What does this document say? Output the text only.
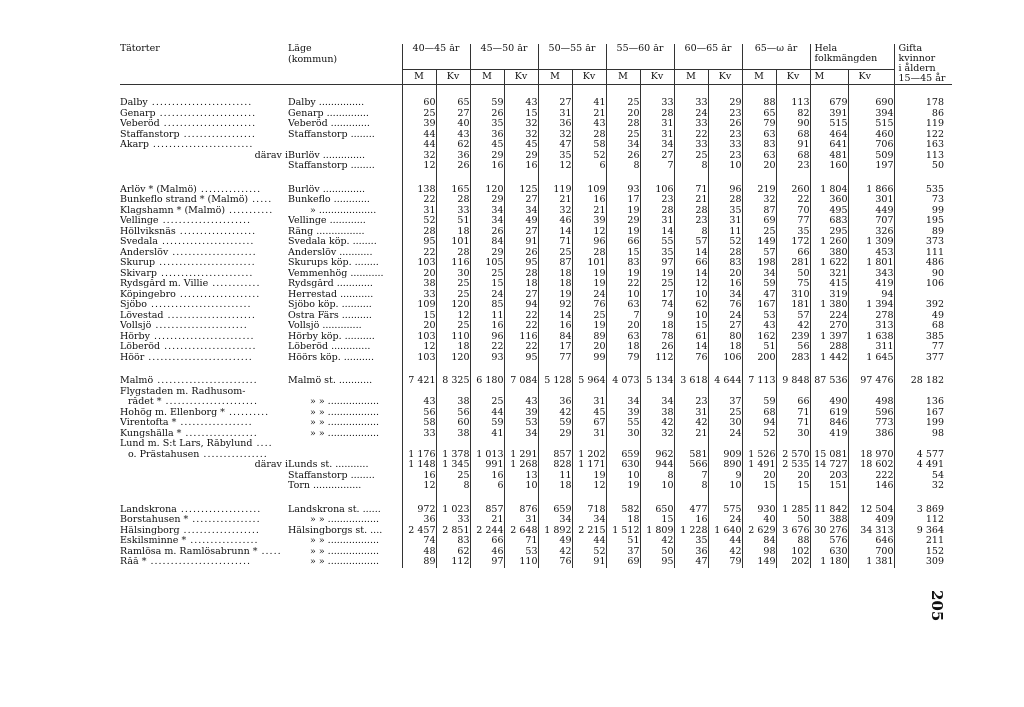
Tätorter	Läge
(kommun)	40—45 år		45—50 år		50—55 år		55—60 år		60—65 år		65—ω år		Hela
folkmängden		Gifta
kvinnor
i åldern
15—45 år
		M	Kv	M	Kv	M	Kv	M	Kv	M	Kv	M	Kv	M	Kv	

Dalby .........................	Dalby ...............	60	65	59	43	27	41	25	33	33	29	88	113	679	690	178
Genarp ........................	Genarp ..............	25	27	26	15	31	21	20	28	24	23	65	82	391	394	86
Veberöd .......................	Veberöd .............	39	40	35	32	36	43	28	31	33	26	79	90	515	515	119
Staffanstorp ..................	Staffanstorp ........	44	43	36	32	32	28	25	31	22	23	63	68	464	460	122
Åkarp .........................		44	62	45	45	47	58	34	34	33	33	83	91	641	706	163
därav i	Burlöv ..............	32	36	29	29	35	52	26	27	25	23	63	68	481	509	113
	Staffanstorp ........	12	26	16	16	12	6	8	7	8	10	20	23	160	197	50

Arlöv * (Malmö) ...............	Burlöv ..............	138	165	120	125	119	109	93	106	71	96	219	260	1 804	1 866	535
Bunkeflo strand * (Malmö) .....	Bunkeflo ............	22	28	29	27	21	16	17	23	21	28	32	22	360	301	73
Klagshamn * (Malmö) ...........	» ...................	31	33	34	34	32	21	19	28	28	35	87	70	495	449	99
Vellinge ......................	Vellinge ............	52	51	34	49	46	39	29	31	23	31	69	77	683	707	195
Höllviksnäs ...................	Räng ................	28	18	26	27	14	12	19	14	8	11	25	35	295	326	89
Svedala .......................	Svedala köp. ........	95	101	84	91	71	96	66	55	57	52	149	172	1 260	1 309	373
Anderslöv .....................	Anderslöv ...........	22	28	29	26	25	28	15	35	14	28	57	66	380	453	111
Skurup ........................	Skurups köp. ........	103	116	105	95	87	101	83	97	66	83	198	281	1 622	1 801	486
Skivarp .......................	Vemmenhög ...........	20	30	25	28	18	19	19	19	14	20	34	50	321	343	90
Rydsgård m. Villie ............	Rydsgård ............	38	25	15	18	18	19	22	25	12	16	59	75	415	419	106
Köpingebro ....................	Herrestad ...........	33	25	24	27	19	24	10	17	10	34	47	310	319	94	
Sjöbo .........................	Sjöbo köp. ..........	109	120	85	94	92	76	63	74	62	76	167	181	1 380	1 394	392
Lövestad ......................	Östra Färs ..........	15	12	11	22	14	25	7	9	10	24	53	57	224	278	49
Vollsjö .......................	Vollsjö .............	20	25	16	22	16	19	20	18	15	27	43	42	270	313	68
Hörby .........................	Hörby köp. ..........	103	110	96	116	84	89	63	78	61	80	162	239	1 397	1 638	385
Löberöd .......................	Löberöd .............	12	18	22	22	17	20	18	26	14	18	51	56	288	311	77
Höör ..........................	Höörs köp. ..........	103	120	93	95	77	99	79	112	76	106	200	283	1 442	1 645	377

Malmö .........................	Malmö st. ...........	7 421	8 325	6 180	7 084	5 128	5 964	4 073	5 134	3 618	4 644	7 113	9 848	87 536	97 476	28 182
Flygstaden m. Radhusom-																
rådet * .......................	» » .................	43	38	25	43	36	31	34	34	23	37	59	66	490	498	136
Hohög m. Ellenborg * ..........	» » .................	56	56	44	39	42	45	39	38	31	25	68	71	619	596	167
Virentofta * ..................	» » .................	58	60	59	53	59	67	55	42	42	30	94	71	846	773	199
Kungshälla * ..................	» » .................	33	38	41	34	29	31	30	32	21	24	52	30	419	386	98
Lund m. S:t Lars, Råbylund ....																
o. Prästahusen ................		1 176	1 378	1 013	1 291	857	1 202	659	962	581	909	1 526	2 570	15 081	18 970	4 577
därav i	Lunds st. ...........	1 148	1 345	991	1 268	828	1 171	630	944	566	890	1 491	2 535	14 727	18 602	4 491
	Staffanstorp ........	16	25	16	13	11	19	10	8	7	9	20	20	203	222	54
	Torn ................	12	8	6	10	18	12	19	10	8	10	15	15	151	146	32

Landskrona ....................	Landskrona st. ......	972	1 023	857	876	659	718	582	650	477	575	930	1 285	11 842	12 504	3 869
Borstahusen * .................	» » .................	36	33	21	31	34	34	18	15	16	24	40	50	388	409	112
Hälsingborg ...................	Hälsingborgs st. ....	2 457	2 851	2 244	2 648	1 892	2 215	1 512	1 809	1 228	1 640	2 629	3 676	30 276	34 313	9 364
Eskilsminne * .................	» » .................	74	83	66	71	49	44	51	42	35	44	84	88	576	646	211
Ramlösa m. Ramlösabrunn * .....	» » .................	48	62	46	53	42	52	37	50	36	42	98	102	630	700	152
Råå * .........................	» » .................	89	112	97	110	76	91	69	95	47	79	149	202	1 180	1 381	309
205
